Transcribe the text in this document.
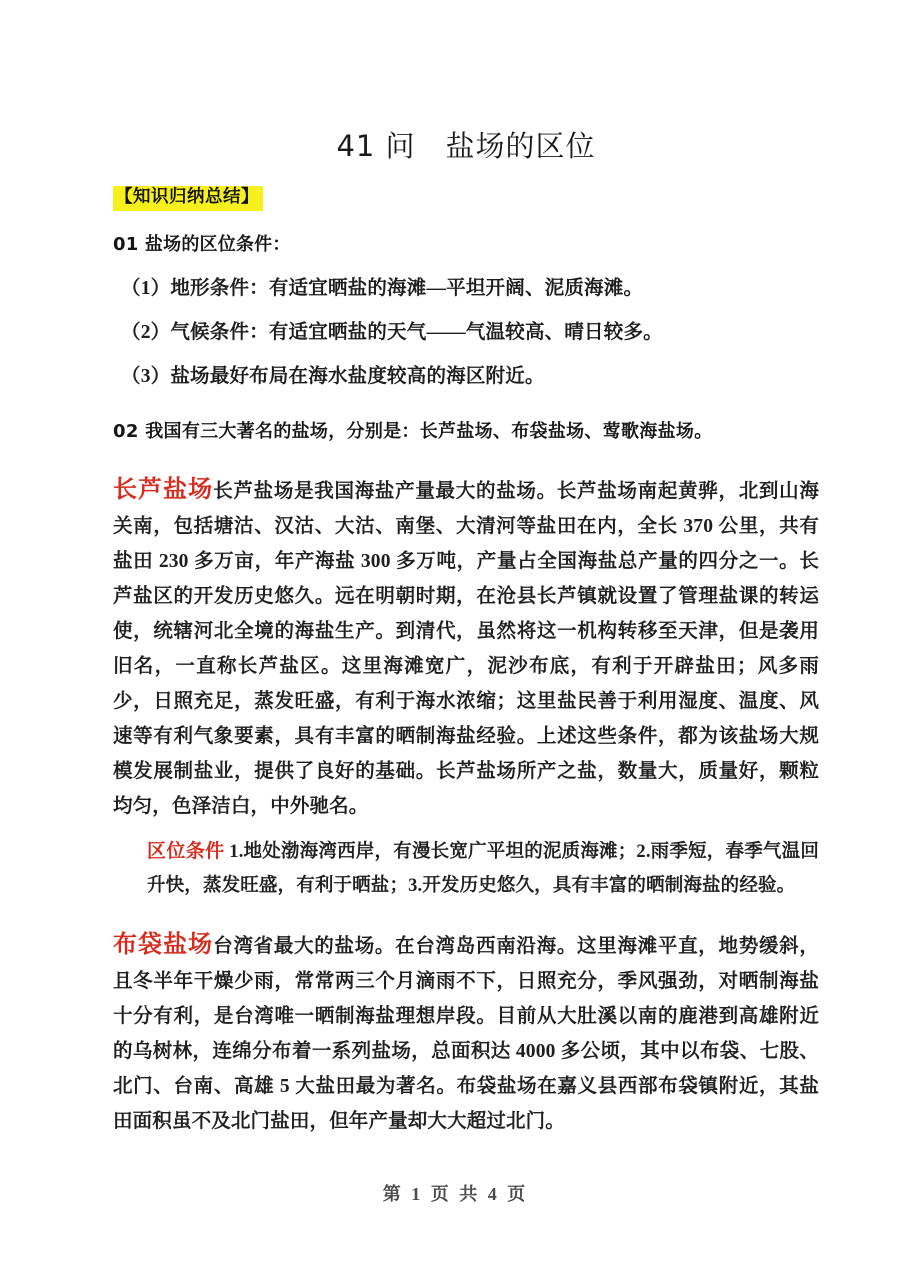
41 问　盐场的区位
【知识归纳总结】
01 盐场的区位条件：
（1）地形条件：有适宜晒盐的海滩—平坦开阔、泥质海滩。
（2）气候条件：有适宜晒盐的天气——气温较高、晴日较多。
（3）盐场最好布局在海水盐度较高的海区附近。
02 我国有三大著名的盐场，分别是：长芦盐场、布袋盐场、莺歌海盐场。

长芦盐场长芦盐场是我国海盐产量最大的盐场。长芦盐场南起黄骅，北到山海关南，包括塘沽、汉沽、大沽、南堡、大清河等盐田在内，全长 370 公里，共有盐田 230 多万亩，年产海盐 300 多万吨，产量占全国海盐总产量的四分之一。长芦盐区的开发历史悠久。远在明朝时期，在沧县长芦镇就设置了管理盐课的转运使，统辖河北全境的海盐生产。到清代，虽然将这一机构转移至天津，但是袭用旧名，一直称长芦盐区。这里海滩宽广，泥沙布底，有利于开辟盐田；风多雨少，日照充足，蒸发旺盛，有利于海水浓缩；这里盐民善于利用湿度、温度、风速等有利气象要素，具有丰富的晒制海盐经验。上述这些条件，都为该盐场大规模发展制盐业，提供了良好的基础。长芦盐场所产之盐，数量大，质量好，颗粒均匀，色泽洁白，中外驰名。

区位条件 1.地处渤海湾西岸，有漫长宽广平坦的泥质海滩；2.雨季短，春季气温回升快，蒸发旺盛，有利于晒盐；3.开发历史悠久，具有丰富的晒制海盐的经验。

布袋盐场台湾省最大的盐场。在台湾岛西南沿海。这里海滩平直，地势缓斜，且冬半年干燥少雨，常常两三个月滴雨不下，日照充分，季风强劲，对晒制海盐十分有利，是台湾唯一晒制海盐理想岸段。目前从大肚溪以南的鹿港到高雄附近的乌树林，连绵分布着一系列盐场，总面积达 4000 多公顷，其中以布袋、七股、北门、台南、高雄 5 大盐田最为著名。布袋盐场在嘉义县西部布袋镇附近，其盐田面积虽不及北门盐田，但年产量却大大超过北门。

第 1 页 共 4 页
